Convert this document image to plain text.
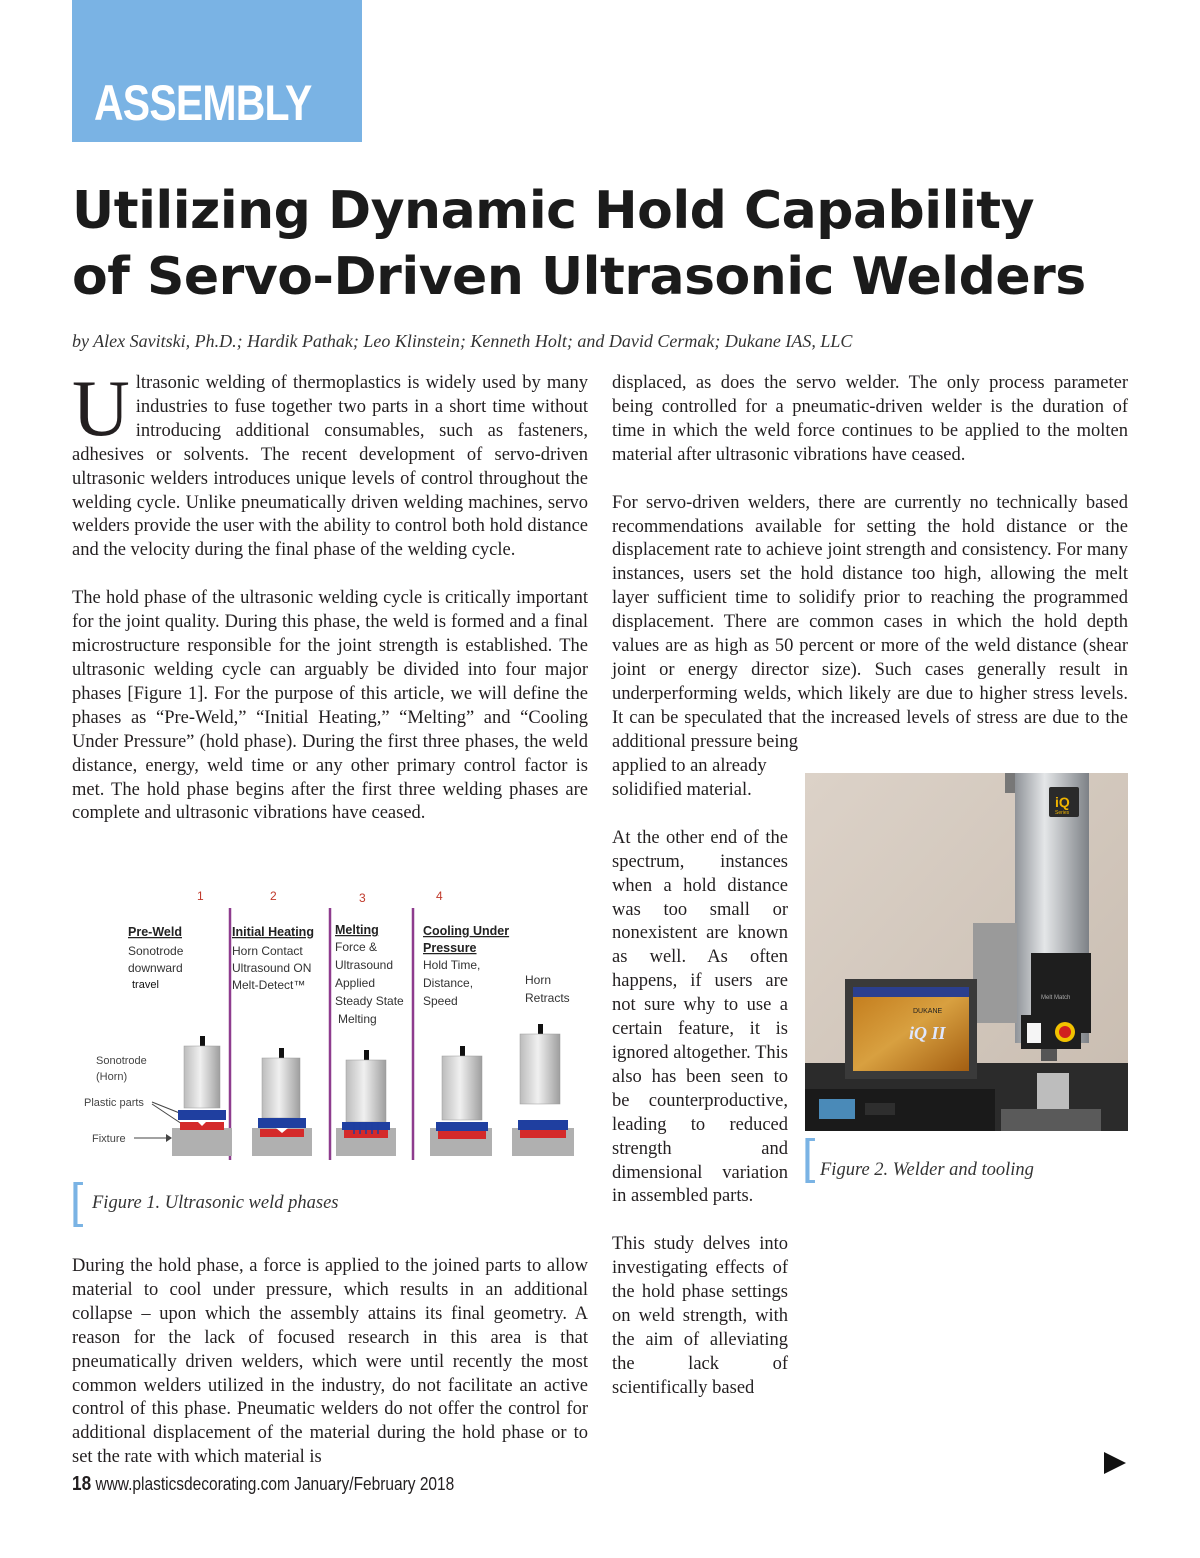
ASSEMBLY
Utilizing Dynamic Hold Capability
of Servo-Driven Ultrasonic Welders
by Alex Savitski, Ph.D.; Hardik Pathak; Leo Klinstein; Kenneth Holt; and David Cermak; Dukane IAS, LLC

Ultrasonic welding of thermoplastics is widely used by many industries to fuse together two parts in a short time without introducing additional consumables, such as fasteners, adhesives or solvents. The recent development of servo-driven ultrasonic welders introduces unique levels of control throughout the welding cycle. Unlike pneumatically driven welding machines, servo welders provide the user with the ability to control both hold distance and the velocity during the final phase of the welding cycle.

The hold phase of the ultrasonic welding cycle is critically important for the joint quality. During this phase, the weld is formed and a final microstructure responsible for the joint strength is established. The ultrasonic welding cycle can arguably be divided into four major phases [Figure 1]. For the purpose of this article, we will define the phases as “Pre-Weld,” “Initial Heating,” “Melting” and “Cooling Under Pressure” (hold phase). During the first three phases, the weld distance, energy, weld time or any other primary control factor is met. The hold phase begins after the first three welding phases are complete and ultrasonic vibrations have ceased.

1	2	3	4
Pre-Weld	Initial Heating Melting	Cooling Under
Pressure
Sonotrode
downward
travel
Horn Contact
Ultrasound ON
Melt-Detect™
Force &
Ultrasound
Applied
Steady State
Melting
Hold Time,
Distance,
Speed
Horn
Retracts
Sonotrode
(Horn)
Plastic parts
Fixture
[ Figure 1. Ultrasonic weld phases

During the hold phase, a force is applied to the joined parts to allow material to cool under pressure, which results in an additional collapse – upon which the assembly attains its final geometry. A reason for the lack of focused research in this area is that pneumatically driven welders, which were until recently the most common welders utilized in the industry, do not facilitate an active control of this phase. Pneumatic welders do not offer the control for additional displacement of the material during the hold phase or to set the rate with which material is

displaced, as does the servo welder. The only process parameter being controlled for a pneumatic-driven welder is the duration of time in which the weld force continues to be applied to the molten material after ultrasonic vibrations have ceased.

For servo-driven welders, there are currently no technically based recommendations available for setting the hold distance or the displacement rate to achieve joint strength and consistency. For many instances, users set the hold distance too high, allowing the melt layer sufficient time to solidify prior to reaching the programmed displacement. There are common cases in which the hold depth values are as high as 50 percent or more of the weld distance (shear joint or energy director size). Such cases generally result in underperforming welds, which likely are due to higher stress levels. It can be speculated that the increased levels of stress are due to the additional pressure being

applied to an already solidified material.

At the other end of the spectrum, instances when a hold distance was too small or nonexistent are known as well. As often happens, if users are not sure why to use a certain feature, it is ignored altogether. This also has been seen to be counterproductive, leading to reduced strength and dimensional variation in assembled parts.

This study delves into investigating effects of the hold phase settings on weld strength, with the aim of alleviating the lack of scientifically based

iQ
Series
Melt Match
DUKANE
iQ II
[ Figure 2. Welder and tooling
18 www.plasticsdecorating.com January/February 2018
